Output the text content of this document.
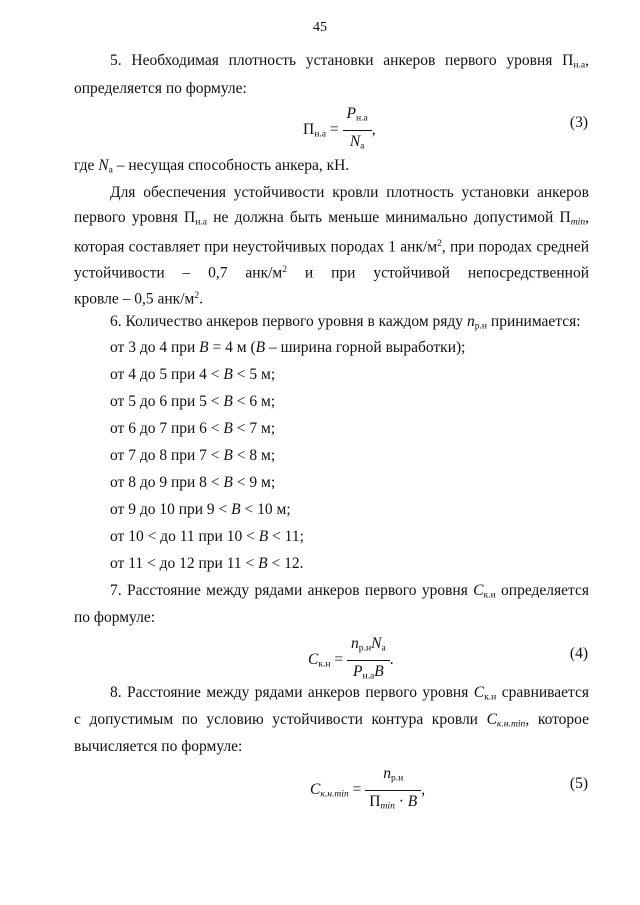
45
5. Необходимая плотность установки анкеров первого уровня $П_{н.а}$,
определяется по формуле:
$П_{н.а} = \frac{P_{н.а}}{N_а}$ ,	(3)
где $N_а$ – несущая способность анкера, кН.
Для обеспечения устойчивости кровли плотность установки анкеров
первого уровня $П_{н.а}$ не должна быть меньше минимально допустимой $П_{min}$,
которая составляет при неустойчивых породах 1 анк/$м^2$, при породах средней
устойчивости – 0,7 анк/$м^2$ и при устойчивой непосредственной
кровле – 0,5 анк/$м^2$.
6. Количество анкеров первого уровня в каждом ряду $n_{р.н}$ принимается:
от 3 до 4 при B = 4 м (B – ширина горной выработки);
от 4 до 5 при 4 < B < 5 м;
от 5 до 6 при 5 < B < 6 м;
от 6 до 7 при 6 < B < 7 м;
от 7 до 8 при 7 < B < 8 м;
от 8 до 9 при 8 < B < 9 м;
от 9 до 10 при 9 < B < 10 м;
от 10 < до 11 при 10 < B < 11;
от 11 < до 12 при 11 < B < 12.
7. Расстояние между рядами анкеров первого уровня $C_{к.н}$ определяется
по формуле:
$C_{к.н} = \frac{n_{р.н}N_а}{P_{н.а}B}$ .	(4)
8. Расстояние между рядами анкеров первого уровня $C_{к.н}$ сравнивается
с допустимым по условию устойчивости контура кровли $C_{к.н.min}$, которое
вычисляется по формуле:
$C_{к.н.min} = \frac{n_{р.н}}{П_{min} \cdot B}$ ,	(5)
